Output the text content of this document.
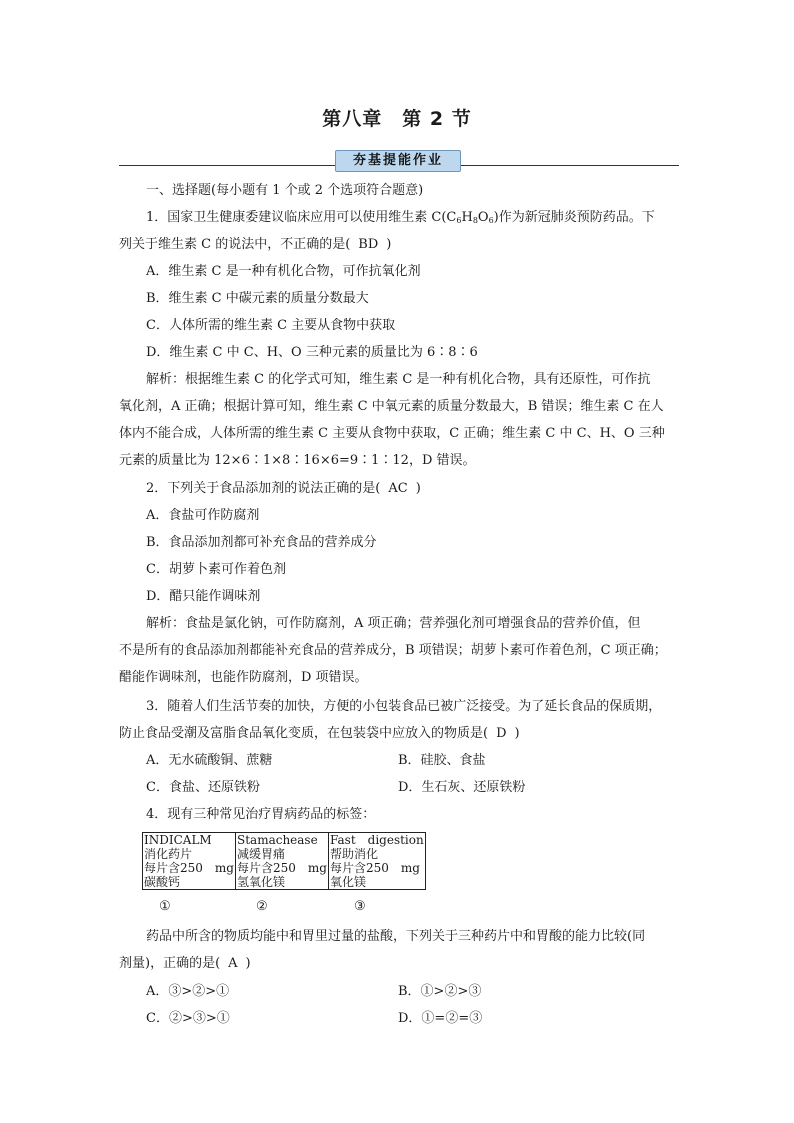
第八章　第 2 节
夯基提能作业
一、选择题(每小题有 1 个或 2 个选项符合题意)
1．国家卫生健康委建议临床应用可以使用维生素 $C(C_6H_8O_6)$作为新冠肺炎预防药品。下
列关于维生素 C 的说法中，不正确的是( BD )
A．维生素 C 是一种有机化合物，可作抗氧化剂
B．维生素 C 中碳元素的质量分数最大
C．人体所需的维生素 C 主要从食物中获取
D．维生素 C 中 C、H、O 三种元素的质量比为 6∶8∶6
解析：根据维生素 C 的化学式可知，维生素 C 是一种有机化合物，具有还原性，可作抗
氧化剂，A 正确；根据计算可知，维生素 C 中氧元素的质量分数最大，B 错误；维生素 C 在人
体内不能合成，人体所需的维生素 C 主要从食物中获取，C 正确；维生素 C 中 C、H、O 三种
元素的质量比为 12×6∶1×8∶16×6=9∶1∶12，D 错误。
2．下列关于食品添加剂的说法正确的是( AC )
A．食盐可作防腐剂
B．食品添加剂都可补充食品的营养成分
C．胡萝卜素可作着色剂
D．醋只能作调味剂
解析：食盐是氯化钠，可作防腐剂，A 项正确；营养强化剂可增强食品的营养价值，但
不是所有的食品添加剂都能补充食品的营养成分，B 项错误；胡萝卜素可作着色剂，C 项正确；
醋能作调味剂，也能作防腐剂，D 项错误。
3．随着人们生活节奏的加快，方便的小包装食品已被广泛接受。为了延长食品的保质期，
防止食品受潮及富脂食品氧化变质，在包装袋中应放入的物质是( D )
A．无水硫酸铜、蔗糖	B．硅胶、食盐
C．食盐、还原铁粉	D．生石灰、还原铁粉
4．现有三种常见治疗胃病药品的标签：
INDICALM
消化药片
每片含250　mg
碳酸钙

Stamachease
减缓胃痛
每片含250　mg
氢氧化镁

Fast　digestion
帮助消化
每片含250　mg
氧化镁
①	②	③
药品中所含的物质均能中和胃里过量的盐酸，下列关于三种药片中和胃酸的能力比较(同
剂量)，正确的是( A )
A．③>②>①	B．①>②>③
C．②>③>①	D．①=②=③
